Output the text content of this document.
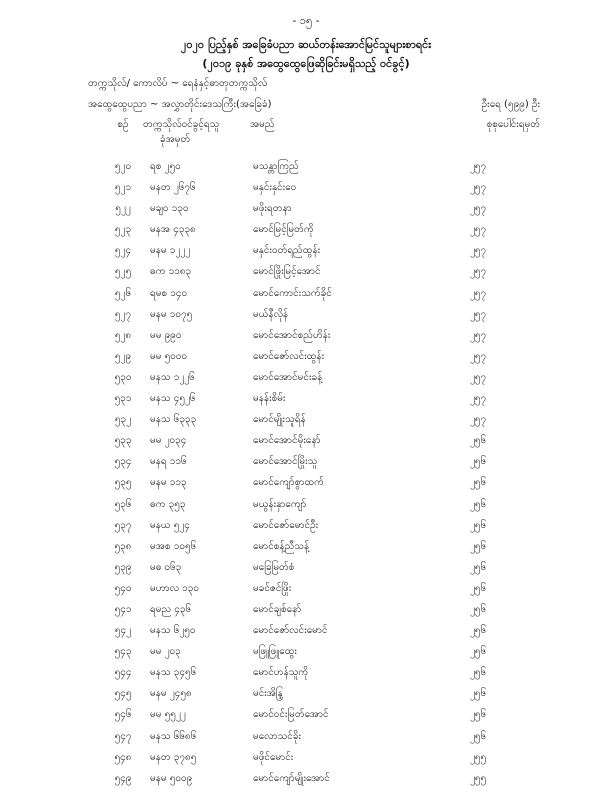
- ၁၅ -
၂၀၂၀ ပြည့်နှစ် အခြေခံပညာ ဆယ်တန်းအောင်မြင်သူများစာရင်း
(၂၀၁၉ ခုနှစ် အထွေထွေဖြေဆိုခြင်းမရှိသည့် ဝင်ခွင့်)
တက္ကသိုလ်/ ကောလိပ် ~ ရေနံနှင့်ဓာတုတက္ကသိုလ်
အထွေထွေပညာ ~ အလွှာတိုင်းဒေသကြီး(အခြေခံ)	ဦးရေ (၅၉၉) ဦး
စဉ်	တက္ကသိုလ်ဝင်ခွင့်ရသူ
ခုံအမှတ်
အမည်	စုစုပေါင်းရမှတ်
၅၂၀	ရစ ၂၅၀	မသန္တာကြည်	၂၅၇
၅၂၁	မနတ ၂၆၇၆	မနှင်းနှင်းဝေ	၂၅၇
၅၂၂	မချ၀ ၁၃၀	မဖိုးရတနာ	၂၅၇
၅၂၃	မနအ ၄၃၃၈	မောင်မြင့်မြတ်ကို	၂၅၇
၅၂၄	မနမ ၁၂၂၂	မနှင်းဝတ်ရည်ထွန်း	၂၅၇
၅၂၅	ဓက ၁၁၈၃	မောင်ဖြိုးမြင့်အောင်	၂၅၇
၅၂၆	ရမစ ၁၄၀	မောင်ကောင်းသက်ခိုင်	၂၅၇
၅၂၇	မနမ ၁၀၇၅	မယ်နီလိုန်	၂၅၇
၅၂၈	မမ ၉၉၀	မောင်အောင်စည်ဟိန်း	၂၅၇
၅၂၉	မမ ၅၀၀၀	မောင်ဇော်လင်းထွန်း	၂၅၇
၅၃၀	မနသ ၁၂၂၆	မောင်အောင်မင်းခန့်	၂၅၇
၅၃၁	မနသ ၄၅၂၆	မနန်းစိမ်း	၂၅၇
၅၃၂	မနသ ၆၃၃၃	မောင်မျိုးသူရိန်	၂၅၇
၅၃၃	မမ ၂၀၃၄	မောင်အောင်မိုးနော်	၂၅၆
၅၃၄	မနရ ၁၁၆	မောင်အောင်မြိုးသူ	၂၅၆
၅၃၅	မနမ ၁၁၃	မောင်ကျော်စွာထက်	၂၅၆
၅၃၆	ဓက ၃၅၃	မယွန်းနှာကျော်	၂၅၆
၅၃၇	မနယ ၅၂၄	မောင်ဇော်မောင်ဦး	၂၅၆
၅၃၈	မအစ ၁၀၅၆	မောင်စန့်ညီသန့်	၂၅၆
၅၃၉	မဓ ၀၆၃	မခြေမြတ်စံ	၂၅၆
၅၄၀	မဟာလ ၁၃၀	မခင်ဇင်ဖြိုး	၂၅၆
၅၄၁	ရမည ၄၃၆	မောင်ချစ်နော်	၂၅၆
၅၄၂	မနသ ၆၂၅၀	မောင်ဇော်လင်းမောင်	၂၅၆
၅၄၃	မမ ၂၀၃	မဖြူဖြူထွေး	၂၅၆
၅၄၄	မနသ ၃၄၅၆	မောင်ဟန်သူကို	၂၅၆
၅၄၅	မနမ ၂၄၅၈	မင်းအိန္ဒြ	၂၅၆
၅၄၆	မမ ၅၅၂၂	မောင်ဝင်းမြတ်အောင်	၂၅၆
၅၄၇	မနသ ၆၆၈၆	မလောသင်ခိုး	၂၅၆
၅၄၈	မနတ ၃၇၈၅	မဖိုင်မောင်း	၂၅၅
၅၄၉	မနမ ၅၀၀၉	မောင်ကျော်မျိုးအောင်	၂၅၅
